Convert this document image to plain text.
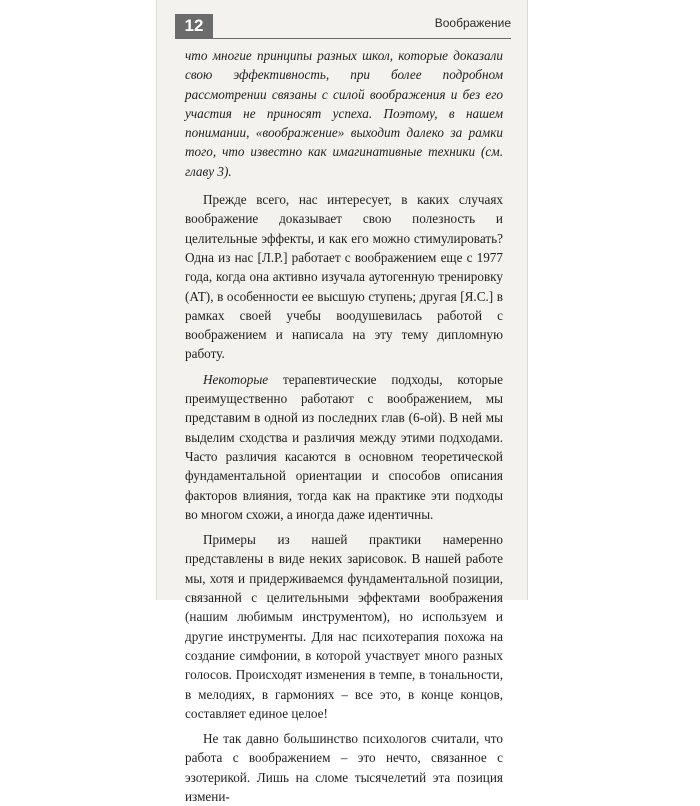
12	Воображение

что многие принципы разных школ, которые доказали свою эффективность, при более подробном рассмотрении связаны с силой воображения и без его участия не приносят успеха. Поэтому, в нашем понимании, «воображение» выходит далеко за рамки того, что известно как имагинативные техники (см. главу 3).

Прежде всего, нас интересует, в каких случаях воображение доказывает свою полезность и целительные эффекты, и как его можно стимулировать? Одна из нас [Л.Р.] работает с воображением еще с 1977 года, когда она активно изучала аутогенную тренировку (АТ), в особенности ее высшую ступень; другая [Я.С.] в рамках своей учебы воодушевилась работой с воображением и написала на эту тему дипломную работу.

Некоторые терапевтические подходы, которые преимущественно работают с воображением, мы представим в одной из последних глав (6-ой). В ней мы выделим сходства и различия между этими подходами. Часто различия касаются в основном теоретической фундаментальной ориентации и способов описания факторов влияния, тогда как на практике эти подходы во многом схожи, а иногда даже идентичны.

Примеры из нашей практики намеренно представлены в виде неких зарисовок. В нашей работе мы, хотя и придерживаемся фундаментальной позиции, связанной с целительными эффектами воображения (нашим любимым инструментом), но используем и другие инструменты. Для нас психотерапия похожа на создание симфонии, в которой участвует много разных голосов. Происходят изменения в темпе, в тональности, в мелодиях, в гармониях – все это, в конце концов, составляет единое целое!

Не так давно большинство психологов считали, что работа с воображением – это нечто, связанное с эзотерикой. Лишь на сломе тысячелетий эта позиция измени-
